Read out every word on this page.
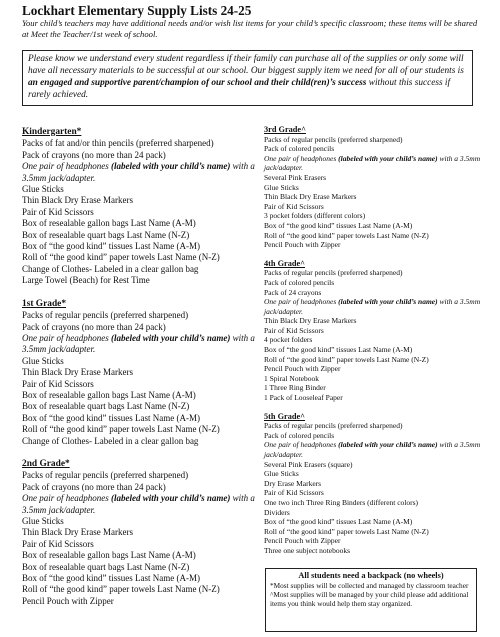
Lockhart Elementary Supply Lists 24-25
Your child’s teachers may have additional needs and/or wish list items for your child’s specific classroom; these items will be shared at Meet the Teacher/1st week of school.
Please know we understand every student regardless if their family can purchase all of the supplies or only some will have all necessary materials to be successful at our school. Our biggest supply item we need for all of our students is an engaged and supportive parent/champion of our school and their child(ren)’s success without this success if rarely achieved.
Kindergarten*
Packs of fat and/or thin pencils (preferred sharpened)
Pack of crayons (no more than 24 pack)
One pair of headphones (labeled with your child’s name) with a 3.5mm jack/adapter.
Glue Sticks
Thin Black Dry Erase Markers
Pair of Kid Scissors
Box of resealable gallon bags Last Name (A-M)
Box of resealable quart bags Last Name (N-Z)
Box of “the good kind” tissues Last Name (A-M)
Roll of “the good kind” paper towels Last Name (N-Z)
Change of Clothes- Labeled in a clear gallon bag
Large Towel (Beach) for Rest Time
1st Grade*
Packs of regular pencils (preferred sharpened)
Pack of crayons (no more than 24 pack)
One pair of headphones (labeled with your child’s name) with a 3.5mm jack/adapter.
Glue Sticks
Thin Black Dry Erase Markers
Pair of Kid Scissors
Box of resealable gallon bags Last Name (A-M)
Box of resealable quart bags Last Name (N-Z)
Box of “the good kind” tissues Last Name (A-M)
Roll of “the good kind” paper towels Last Name (N-Z)
Change of Clothes- Labeled in a clear gallon bag
2nd Grade*
Packs of regular pencils (preferred sharpened)
Pack of crayons (no more than 24 pack)
One pair of headphones (labeled with your child’s name) with a 3.5mm jack/adapter.
Glue Sticks
Thin Black Dry Erase Markers
Pair of Kid Scissors
Box of resealable gallon bags Last Name (A-M)
Box of resealable quart bags Last Name (N-Z)
Box of “the good kind” tissues Last Name (A-M)
Roll of “the good kind” paper towels Last Name (N-Z)
Pencil Pouch with Zipper
3rd Grade^
Packs of regular pencils (preferred sharpened)
Pack of colored pencils
One pair of headphones (labeled with your child’s name) with a 3.5mm jack/adapter.
Several Pink Erasers
Glue Sticks
Thin Black Dry Erase Markers
Pair of Kid Scissors
3 pocket folders (different colors)
Box of “the good kind” tissues Last Name (A-M)
Roll of “the good kind” paper towels Last Name (N-Z)
Pencil Pouch with Zipper
4th Grade^
Packs of regular pencils (preferred sharpened)
Pack of colored pencils
Pack of 24 crayons
One pair of headphones (labeled with your child’s name) with a 3.5mm jack/adapter.
Thin Black Dry Erase Markers
Pair of Kid Scissors
4 pocket folders
Box of “the good kind” tissues Last Name (A-M)
Roll of “the good kind” paper towels Last Name (N-Z)
Pencil Pouch with Zipper
1 Spiral Notebook
1 Three Ring Binder
1 Pack of Looseleaf Paper
5th Grade^
Packs of regular pencils (preferred sharpened)
Pack of colored pencils
One pair of headphones (labeled with your child’s name) with a 3.5mm jack/adapter.
Several Pink Erasers (square)
Glue Sticks
Dry Erase Markers
Pair of Kid Scissors
One two inch Three Ring Binders (different colors)
Dividers
Box of “the good kind” tissues Last Name (A-M)
Roll of “the good kind” paper towels Last Name (N-Z)
Pencil Pouch with Zipper
Three one subject notebooks
All students need a backpack (no wheels)
*Most supplies will be collected and managed by classroom teacher
^Most supplies will be managed by your child please add additional items you think would help them stay organized.
